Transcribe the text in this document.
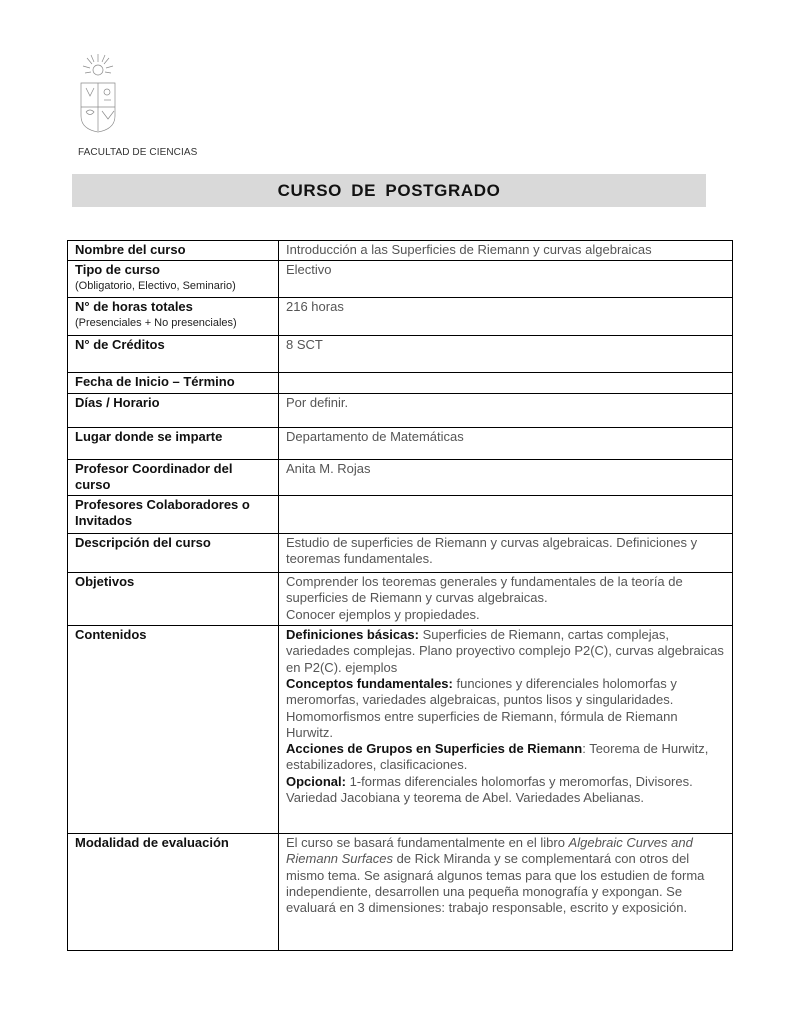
FACULTAD DE CIENCIAS
CURSO DE POSTGRADO
Nombre del curso	Introducción a las Superficies de Riemann y curvas algebraicas

Tipo de curso
(Obligatorio, Electivo, Seminario)	Electivo

N° de horas totales
(Presenciales + No presenciales)	216 horas
N° de Créditos	8 SCT
Fecha de Inicio – Término	
Días / Horario	Por definir.
Lugar donde se imparte	Departamento de Matemáticas
Profesor Coordinador del curso	Anita M. Rojas
Profesores Colaboradores o Invitados	
Descripción del curso	Estudio de superficies de Riemann y curvas algebraicas. Definiciones y teoremas fundamentales.
Objetivos	Comprender los teoremas generales y fundamentales de la teoría de superficies de Riemann y curvas algebraicas.
Conocer ejemplos y propiedades.

Contenidos	Definiciones básicas: Superficies de Riemann, cartas complejas, variedades complejas. Plano proyectivo complejo P2(C), curvas algebraicas en P2(C). ejemplos
Conceptos fundamentales: funciones y diferenciales holomorfas y meromorfas, variedades algebraicas, puntos lisos y singularidades. Homomorfismos entre superficies de Riemann, fórmula de Riemann Hurwitz.
Acciones de Grupos en Superficies de Riemann: Teorema de Hurwitz, estabilizadores, clasificaciones.
Opcional: 1-formas diferenciales holomorfas y meromorfas, Divisores. Variedad Jacobiana y teorema de Abel. Variedades Abelianas.

Modalidad de evaluación	El curso se basará fundamentalmente en el libro Algebraic Curves and Riemann Surfaces de Rick Miranda y se complementará con otros del mismo tema. Se asignará algunos temas para que los estudien de forma independiente, desarrollen una pequeña monografía y expongan. Se evaluará en 3 dimensiones: trabajo responsable, escrito y exposición.
